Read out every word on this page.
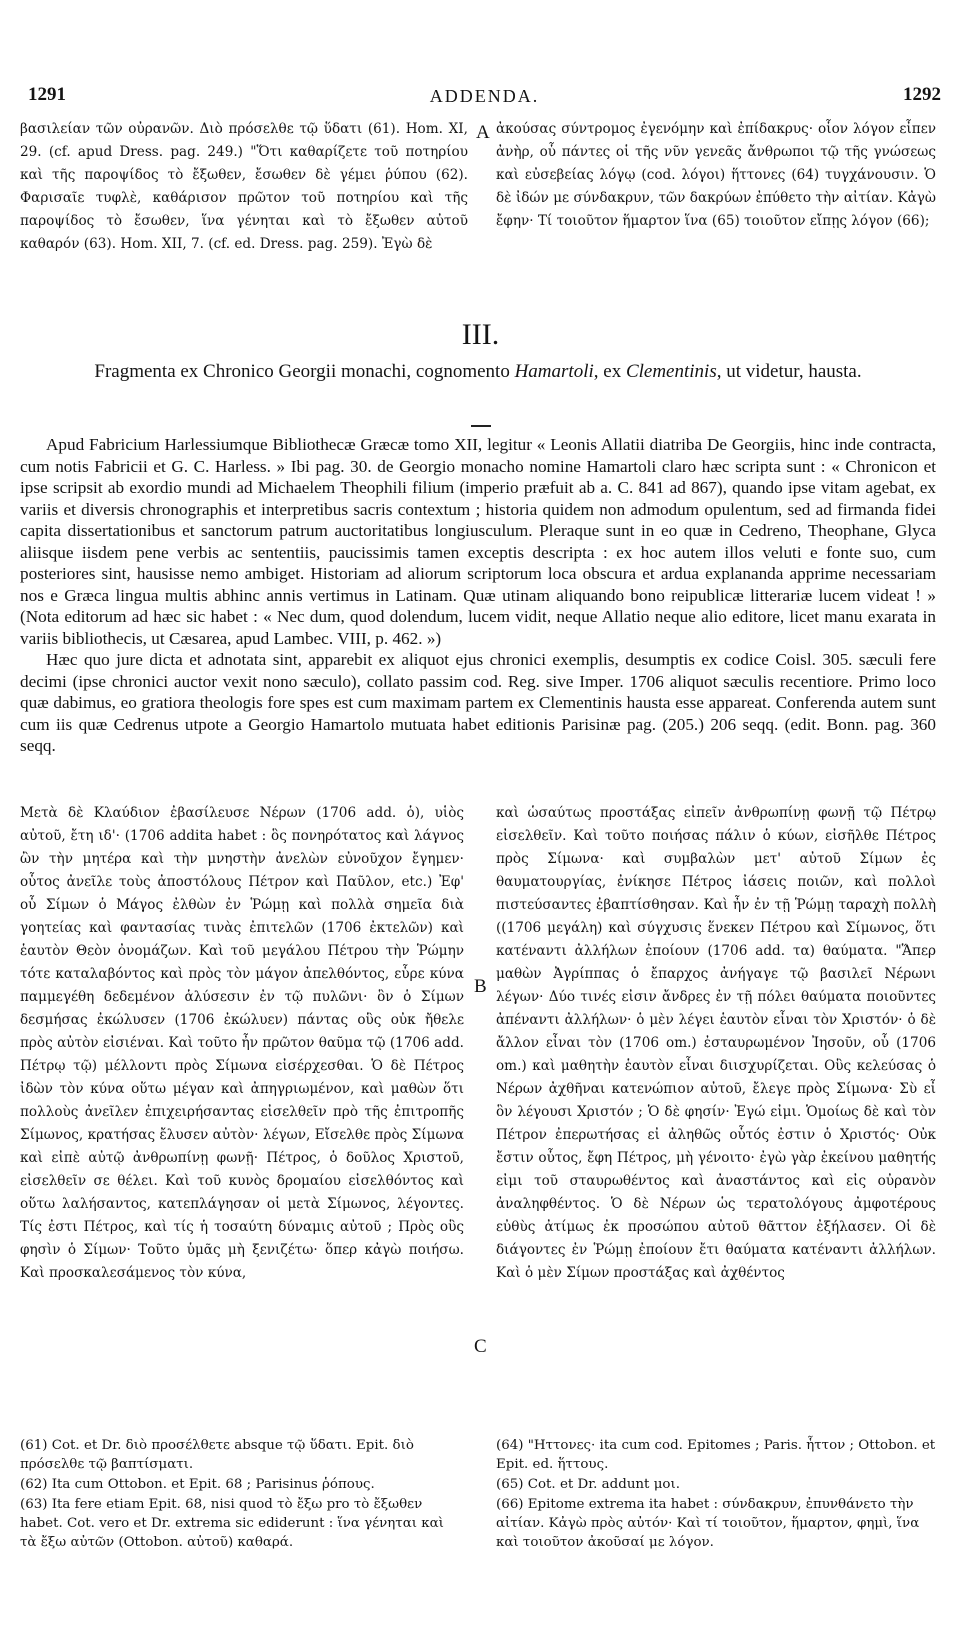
1291	ADDENDA.	1292

βασιλείαν τῶν οὐρανῶν. Διὸ πρόσελθε τῷ ὕδατι (61). Hom. XI, 29. (cf. apud Dress. pag. 249.) "Ὅτι καθαρίζετε τοῦ ποτηρίου καὶ τῆς παροψίδος τὸ ἔξωθεν, ἔσωθεν δὲ γέμει ῥύπου (62). Φαρισαῖε τυφλὲ, καθάρισον πρῶτον τοῦ ποτηρίου καὶ τῆς παροψίδος τὸ ἔσωθεν, ἵνα γένηται καὶ τὸ ἔξωθεν αὐτοῦ καθαρόν (63). Hom. XII, 7. (cf. ed. Dress. pag. 259). Ἐγὼ δὲ

A ἀκούσας σύντρομος ἐγενόμην καὶ ἐπίδακρυς· οἷον λόγον εἶπεν ἀνὴρ, οὗ πάντες οἱ τῆς νῦν γενεᾶς ἄνθρωποι τῷ τῆς γνώσεως καὶ εὐσεβείας λόγῳ (cod. λόγοι) ἥττονες (64) τυγχάνουσιν. Ὁ δὲ ἰδών με σύνδακρυν, τῶν δακρύων ἐπύθετο τὴν αἰτίαν. Κἀγὼ ἔφην· Τί τοιοῦτον ἥμαρτον ἵνα (65) τοιοῦτον εἴπῃς λόγον (66);

III.
Fragmenta ex Chronico Georgii monachi, cognomento Hamartoli, ex Clementinis, ut videtur, hausta.

Apud Fabricium Harlessiumque Bibliothecæ Græcæ tomo XII, legitur « Leonis Allatii diatriba De Georgiis, hinc inde contracta, cum notis Fabricii et G. C. Harless. » Ibi pag. 30. de Georgio monacho nomine Hamartoli claro hæc scripta sunt : « Chronicon et ipse scripsit ab exordio mundi ad Michaelem Theophili filium (imperio præfuit ab a. C. 841 ad 867), quando ipse vitam agebat, ex variis et diversis chronographis et interpretibus sacris contextum ; historia quidem non admodum opulentum, sed ad firmanda fidei capita dissertationibus et sanctorum patrum auctoritatibus longiusculum. Pleraque sunt in eo quæ in Cedreno, Theophane, Glyca aliisque iisdem pene verbis ac sententiis, paucissimis tamen exceptis descripta : ex hoc autem illos veluti e fonte suo, cum posteriores sint, hausisse nemo ambiget. Historiam ad aliorum scriptorum loca obscura et ardua explananda apprime necessariam nos e Græca lingua multis abhinc annis vertimus in Latinam. Quæ utinam aliquando bono reipublicæ litterariæ lucem videat ! » (Nota editorum ad hæc sic habet : « Nec dum, quod dolendum, lucem vidit, neque Allatio neque alio editore, licet manu exarata in variis bibliothecis, ut Cæsarea, apud Lambec. VIII, p. 462. »)

Hæc quo jure dicta et adnotata sint, apparebit ex aliquot ejus chronici exemplis, desumptis ex codice Coisl. 305. sæculi fere decimi (ipse chronici auctor vexit nono sæculo), collato passim cod. Reg. sive Imper. 1706 aliquot sæculis recentiore. Primo loco quæ dabimus, eo gratiora theologis fore spes est cum maximam partem ex Clementinis hausta esse appareat. Conferenda autem sunt cum iis quæ Cedrenus utpote a Georgio Hamartolo mutuata habet editionis Parisinæ pag. (205.) 206 seqq. (edit. Bonn. pag. 360 seqq.

Μετὰ δὲ Κλαύδιον ἐβασίλευσε Νέρων (1706 add. ὁ), υἱὸς αὐτοῦ, ἔτη ιδ'· (1706 addita habet : ὃς πονηρότατος καὶ λάγνος ὢν τὴν μητέρα καὶ τὴν μνηστὴν ἀνελὼν εὐνοῦχον ἔγημεν· οὗτος ἀνεῖλε τοὺς ἀποστόλους Πέτρον καὶ Παῦλον, etc.) Ἐφ' οὗ Σίμων ὁ Μάγος ἐλθὼν ἐν Ῥώμῃ καὶ πολλὰ σημεῖα διὰ γοητείας καὶ φαντασίας τινὰς ἐπιτελῶν (1706 ἐκτελῶν) καὶ ἑαυτὸν Θεὸν ὀνομάζων. Καὶ τοῦ μεγάλου Πέτρου τὴν Ῥώμην τότε καταλαβόντος καὶ πρὸς τὸν μάγον ἀπελθόντος, εὗρε κύνα παμμεγέθη δεδεμένον ἁλύσεσιν ἐν τῷ πυλῶνι· ὃν ὁ Σίμων δεσμήσας ἐκώλυσεν (1706 ἐκώλυεν) πάντας οὓς οὐκ ἤθελε πρὸς αὐτὸν εἰσιέναι. Καὶ τοῦτο ἦν πρῶτον θαῦμα τῷ (1706 add. Πέτρῳ τῷ) μέλλοντι πρὸς Σίμωνα εἰσέρχεσθαι. Ὁ δὲ Πέτρος ἰδὼν τὸν κύνα οὕτω μέγαν καὶ ἀπηγριωμένον, καὶ μαθὼν ὅτι πολλοὺς ἀνεῖλεν ἐπιχειρήσαντας εἰσελθεῖν πρὸ τῆς ἐπιτροπῆς Σίμωνος, κρατήσας ἔλυσεν αὐτὸν· λέγων, Εἴσελθε πρὸς Σίμωνα καὶ εἰπὲ αὐτῷ ἀνθρωπίνῃ φωνῇ· Πέτρος, ὁ δοῦλος Χριστοῦ, εἰσελθεῖν σε θέλει. Καὶ τοῦ κυνὸς δρομαίου εἰσελθόντος καὶ οὕτω λαλήσαντος, κατεπλάγησαν οἱ μετὰ Σίμωνος, λέγοντες. Τίς ἐστι Πέτρος, καὶ τίς ἡ τοσαύτη δύναμις αὐτοῦ ; Πρὸς οὓς φησὶν ὁ Σίμων· Τοῦτο ὑμᾶς μὴ ξενιζέτω· ὅπερ κἀγὼ ποιήσω. Καὶ προσκαλεσάμενος τὸν κύνα,

B
C

καὶ ὡσαύτως προστάξας εἰπεῖν ἀνθρωπίνῃ φωνῇ τῷ Πέτρῳ εἰσελθεῖν. Καὶ τοῦτο ποιήσας πάλιν ὁ κύων, εἰσῆλθε Πέτρος πρὸς Σίμωνα· καὶ συμβαλὼν μετ' αὐτοῦ Σίμων ἐς θαυματουργίας, ἐνίκησε Πέτρος ἰάσεις ποιῶν, καὶ πολλοὶ πιστεύσαντες ἐβαπτίσθησαν. Καὶ ἦν ἐν τῇ Ῥώμῃ ταραχὴ πολλὴ ((1706 μεγάλη) καὶ σύγχυσις ἕνεκεν Πέτρου καὶ Σίμωνος, ὅτι κατέναντι ἀλλήλων ἐποίουν (1706 add. τα) θαύματα. "Ἅπερ μαθὼν Ἀγρίππας ὁ ἔπαρχος ἀνήγαγε τῷ βασιλεῖ Νέρωνι λέγων· Δύο τινές εἰσιν ἄνδρες ἐν τῇ πόλει θαύματα ποιοῦντες ἀπέναντι ἀλλήλων· ὁ μὲν λέγει ἑαυτὸν εἶναι τὸν Χριστόν· ὁ δὲ ἄλλον εἶναι τὸν (1706 om.) ἐσταυρωμένον Ἰησοῦν, οὗ (1706 om.) καὶ μαθητὴν ἑαυτὸν εἶναι διισχυρίζεται. Οὓς κελεύσας ὁ Νέρων ἀχθῆναι κατενώπιον αὐτοῦ, ἔλεγε πρὸς Σίμωνα· Σὺ εἶ ὃν λέγουσι Χριστόν ; Ὁ δὲ φησίν· Ἐγώ εἰμι. Ὁμοίως δὲ καὶ τὸν Πέτρον ἐπερωτήσας εἰ ἀληθῶς οὗτός ἐστιν ὁ Χριστός· Οὐκ ἔστιν οὗτος, ἔφη Πέτρος, μὴ γένοιτο· ἐγὼ γὰρ ἐκείνου μαθητής εἰμι τοῦ σταυρωθέντος καὶ ἀναστάντος καὶ εἰς οὐρανὸν ἀναληφθέντος. Ὁ δὲ Νέρων ὡς τερατολόγους ἀμφοτέρους εὐθὺς ἀτίμως ἐκ προσώπου αὐτοῦ θᾶττον ἐξήλασεν. Οἱ δὲ διάγοντες ἐν Ῥώμῃ ἐποίουν ἔτι θαύματα κατέναντι ἀλλήλων. Καὶ ὁ μὲν Σίμων προστάξας καὶ ἀχθέντος

(61) Cot. et Dr. διὸ προσέλθετε absque τῷ ὕδατι. Epit. διὸ πρόσελθε τῷ βαπτίσματι.

(62) Ita cum Ottobon. et Epit. 68 ; Parisinus ῥόπους.

(63) Ita fere etiam Epit. 68, nisi quod τὸ ἔξω pro τὸ ἔξωθεν habet. Cot. vero et Dr. extrema sic ediderunt : ἵνα γένηται καὶ τὰ ἔξω αὐτῶν (Ottobon. αὐτοῦ) καθαρά.

(64) "Ηττονες· ita cum cod. Epitomes ; Paris. ἧττον ; Ottobon. et Epit. ed. ἥττους.

(65) Cot. et Dr. addunt μοι.

(66) Epitome extrema ita habet : σύνδακρυν, ἐπυνθάνετο τὴν αἰτίαν. Κἀγὼ πρὸς αὐτόν· Καὶ τί τοιοῦτον, ἥμαρτον, φημὶ, ἵνα καὶ τοιοῦτον ἀκοῦσαί με λόγον.
